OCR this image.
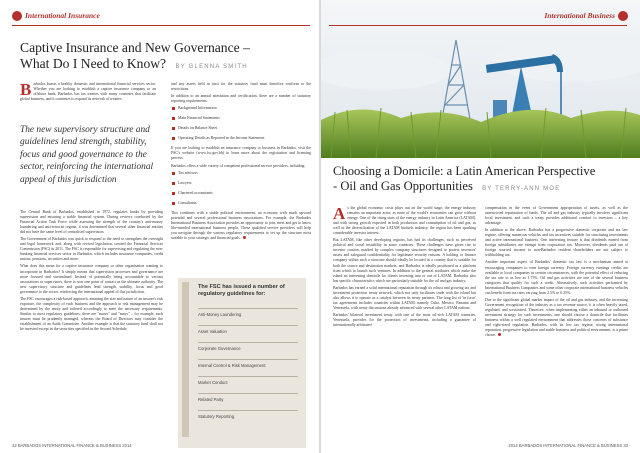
International Insurance
Captive Insurance and New Governance –
What Do I Need to Know? BY GLENNA SMITH
Barbados boasts a healthy domestic and international financial services sector. Whether you are looking to establish a captive insurance company or an offshore bank, Barbados has tax treaties with many countries that facilitate global business, and it continues to expand its network of treaties.
The new supervisory structure and guidelines lend strength, stability, focus and good governance to the sector, reinforcing the international appeal of this jurisdiction

The Central Bank of Barbados, established in 1972, regulates banks by providing supervision and ensuring a stable financial system. During reviews conducted by the Financial Action Task Force while assessing the strength of the country's anti-money laundering and anti-terrorist regime, it was determined that several other financial entities did not have the same level of centralised supervision.

The Government of Barbados was quick to respond to the need to strengthen the oversight and legal framework and, along with revised legislation, created the Financial Services Commission (FSC) in 2011. The FSC is responsible for supervising and regulating the non-banking financial services sector in Barbados, which includes insurance companies, credit unions, pensions, securities and more.

What does this mean for a captive insurance company or other organisation wanting to incorporate in Barbados? It simply means that supervision processes and governance are more focused and streamlined. Instead of potentially being accountable to various associations or supervisors, there is now one point of contact as the ultimate authority. The new supervisory structure and guidelines lend strength, stability, focus and good governance to the sector, reinforcing the international appeal of this jurisdiction.

The FSC encourages a risk-based approach, meaning the size and nature of an insurer's risk exposure, the complexity of each business and the approach to risk management may be determined by the entity and tailored accordingly to meet the necessary requirements. Similar to most regulatory guidelines, there are "musts" and "mays" – for example, each insurer must be prudently managed, whereas the Board of Directors may consider the establishment of an Audit Committee. Another example is that the statutory fund shall not be invested except in the securities specified in the Second Schedule,

and any assets held in trust for the statutory fund must therefore conform to the restrictions.

In addition to an annual attestation and certification, there are a number of statutory reporting requirements:

Background Information
Main Financial Statements
Details on Balance Sheet
Operating Details as Reported in the Income Statement.

If you are looking to establish an insurance company or business in Barbados, visit the FSC's website (www.fsc.gov.bb) to learn more about the registration and licensing process.

Barbados offers a wide variety of competent professional service providers, including:

Tax advisors
Lawyers
Chartered accountants
Consultants.

This combines with a stable political environment, an economy with much upward potential and several professional business associations. For example, the Barbados International Business Association provides an opportunity to join, meet and get to know like-minded international business people. These qualified service providers will help you navigate through the various regulatory requirements to set up the structure most suitable to your strategic and financial goals.

The FSC has issued a number of
regulatory guidelines for:
Anti-Money Laundering
Asset Valuation
Corporate Governance
Internal Control & Risk Management
Market Conduct
Related Party
Statutory Reporting.
32 BARBADOS INTERNATIONAL FINANCE & BUSINESS 2014
International Business
Choosing a Domicile: a Latin American Perspective
- Oil and Gas Opportunities BY TERRY-ANN MOE

As the global economic crisis plays out on the world stage, the energy industry remains an important actor, as none of the world's economies can grow without energy. One of the rising stars of the energy industry in Latin America (LATAM), and with strong growth expected in both production and consumption of oil and gas, as well as the diversification of the LATAM biofuels industry, the region has been sparking considerable investor interest.

But LATAM, like other developing regions, has had its challenges, such as perceived political and social instability in some countries. These challenges have given rise to investor caution, marked by complex company structures designed to protect investors' assets and safeguard confidentiality for legitimate security reasons. A holding or finance company within such a structure should ideally be located in a country that is suitable for both the source and destination markets, and Barbados is ideally positioned as a platform from which to launch such ventures. In addition to the general attributes which make the island an interesting domicile for clients investing into or out of LATAM, Barbados also has specific characteristics which are particularly suitable for the oil and gas industry.

Barbados has earned a solid international reputation through its robust and growing tax and investment protection treaty network, which not only facilitates trade with the island but also allows it to operate as a catalyst between its treaty partners. The long list of 'in force' tax agreements includes countries within LATAM, namely Cuba, Mexico, Panama and Venezuela, with treaty discussions already advanced with several other LATAM nations.

Barbados' bilateral investment treaty with one of the most oil-rich LATAM countries, Venezuela, provides for the protection of investments, including a guarantee of internationally arbitrated

compensation in the event of Government appropriation of assets, as well as the unrestricted repatriation of funds. The oil and gas industry typically involves significant local investment, and such a treaty provides additional comfort to investors – a key advantage.

In addition to the above, Barbados has a progressive domestic corporate and tax law regime, offering numerous vehicles and tax incentives suitable for structuring investments and active international business. One interesting feature is that dividends earned from foreign subsidiaries are exempt from corporation tax. Moreover, dividends paid out of foreign sourced income to non-Barbados resident shareholders are not subject to withholding tax.

Another important aspect of Barbados' domestic tax law is a mechanism aimed at encouraging companies to earn foreign currency. Foreign currency earnings credits are available to local companies in certain circumstances, with the potential effect of reducing the tax rate to as low as 1.75%. Oil and gas activities are one of the several business categories that qualify for such a credit. Alternatively, such activities performed by International Business Companies and some other corporate international business vehicles can benefit from tax rates varying from 2.5% to 0.25%.

Due to the significant global market impact of the oil and gas industry, and the increasing Government recognition of the industry as a tax revenue source, it is often heavily taxed, regulated, and scrutinised. Therefore, when implementing either an inbound or outbound investment strategy for such investments, one should choose a domicile that facilitates business within a well regulated environment that addresses those concerns of substance and right-sized regulation. Barbados, with its low tax regime, strong international reputation, progressive legislation and stable business and political environment, is a prime choice.

2014 BARBADOS INTERNATIONAL FINANCE & BUSINESS 33
